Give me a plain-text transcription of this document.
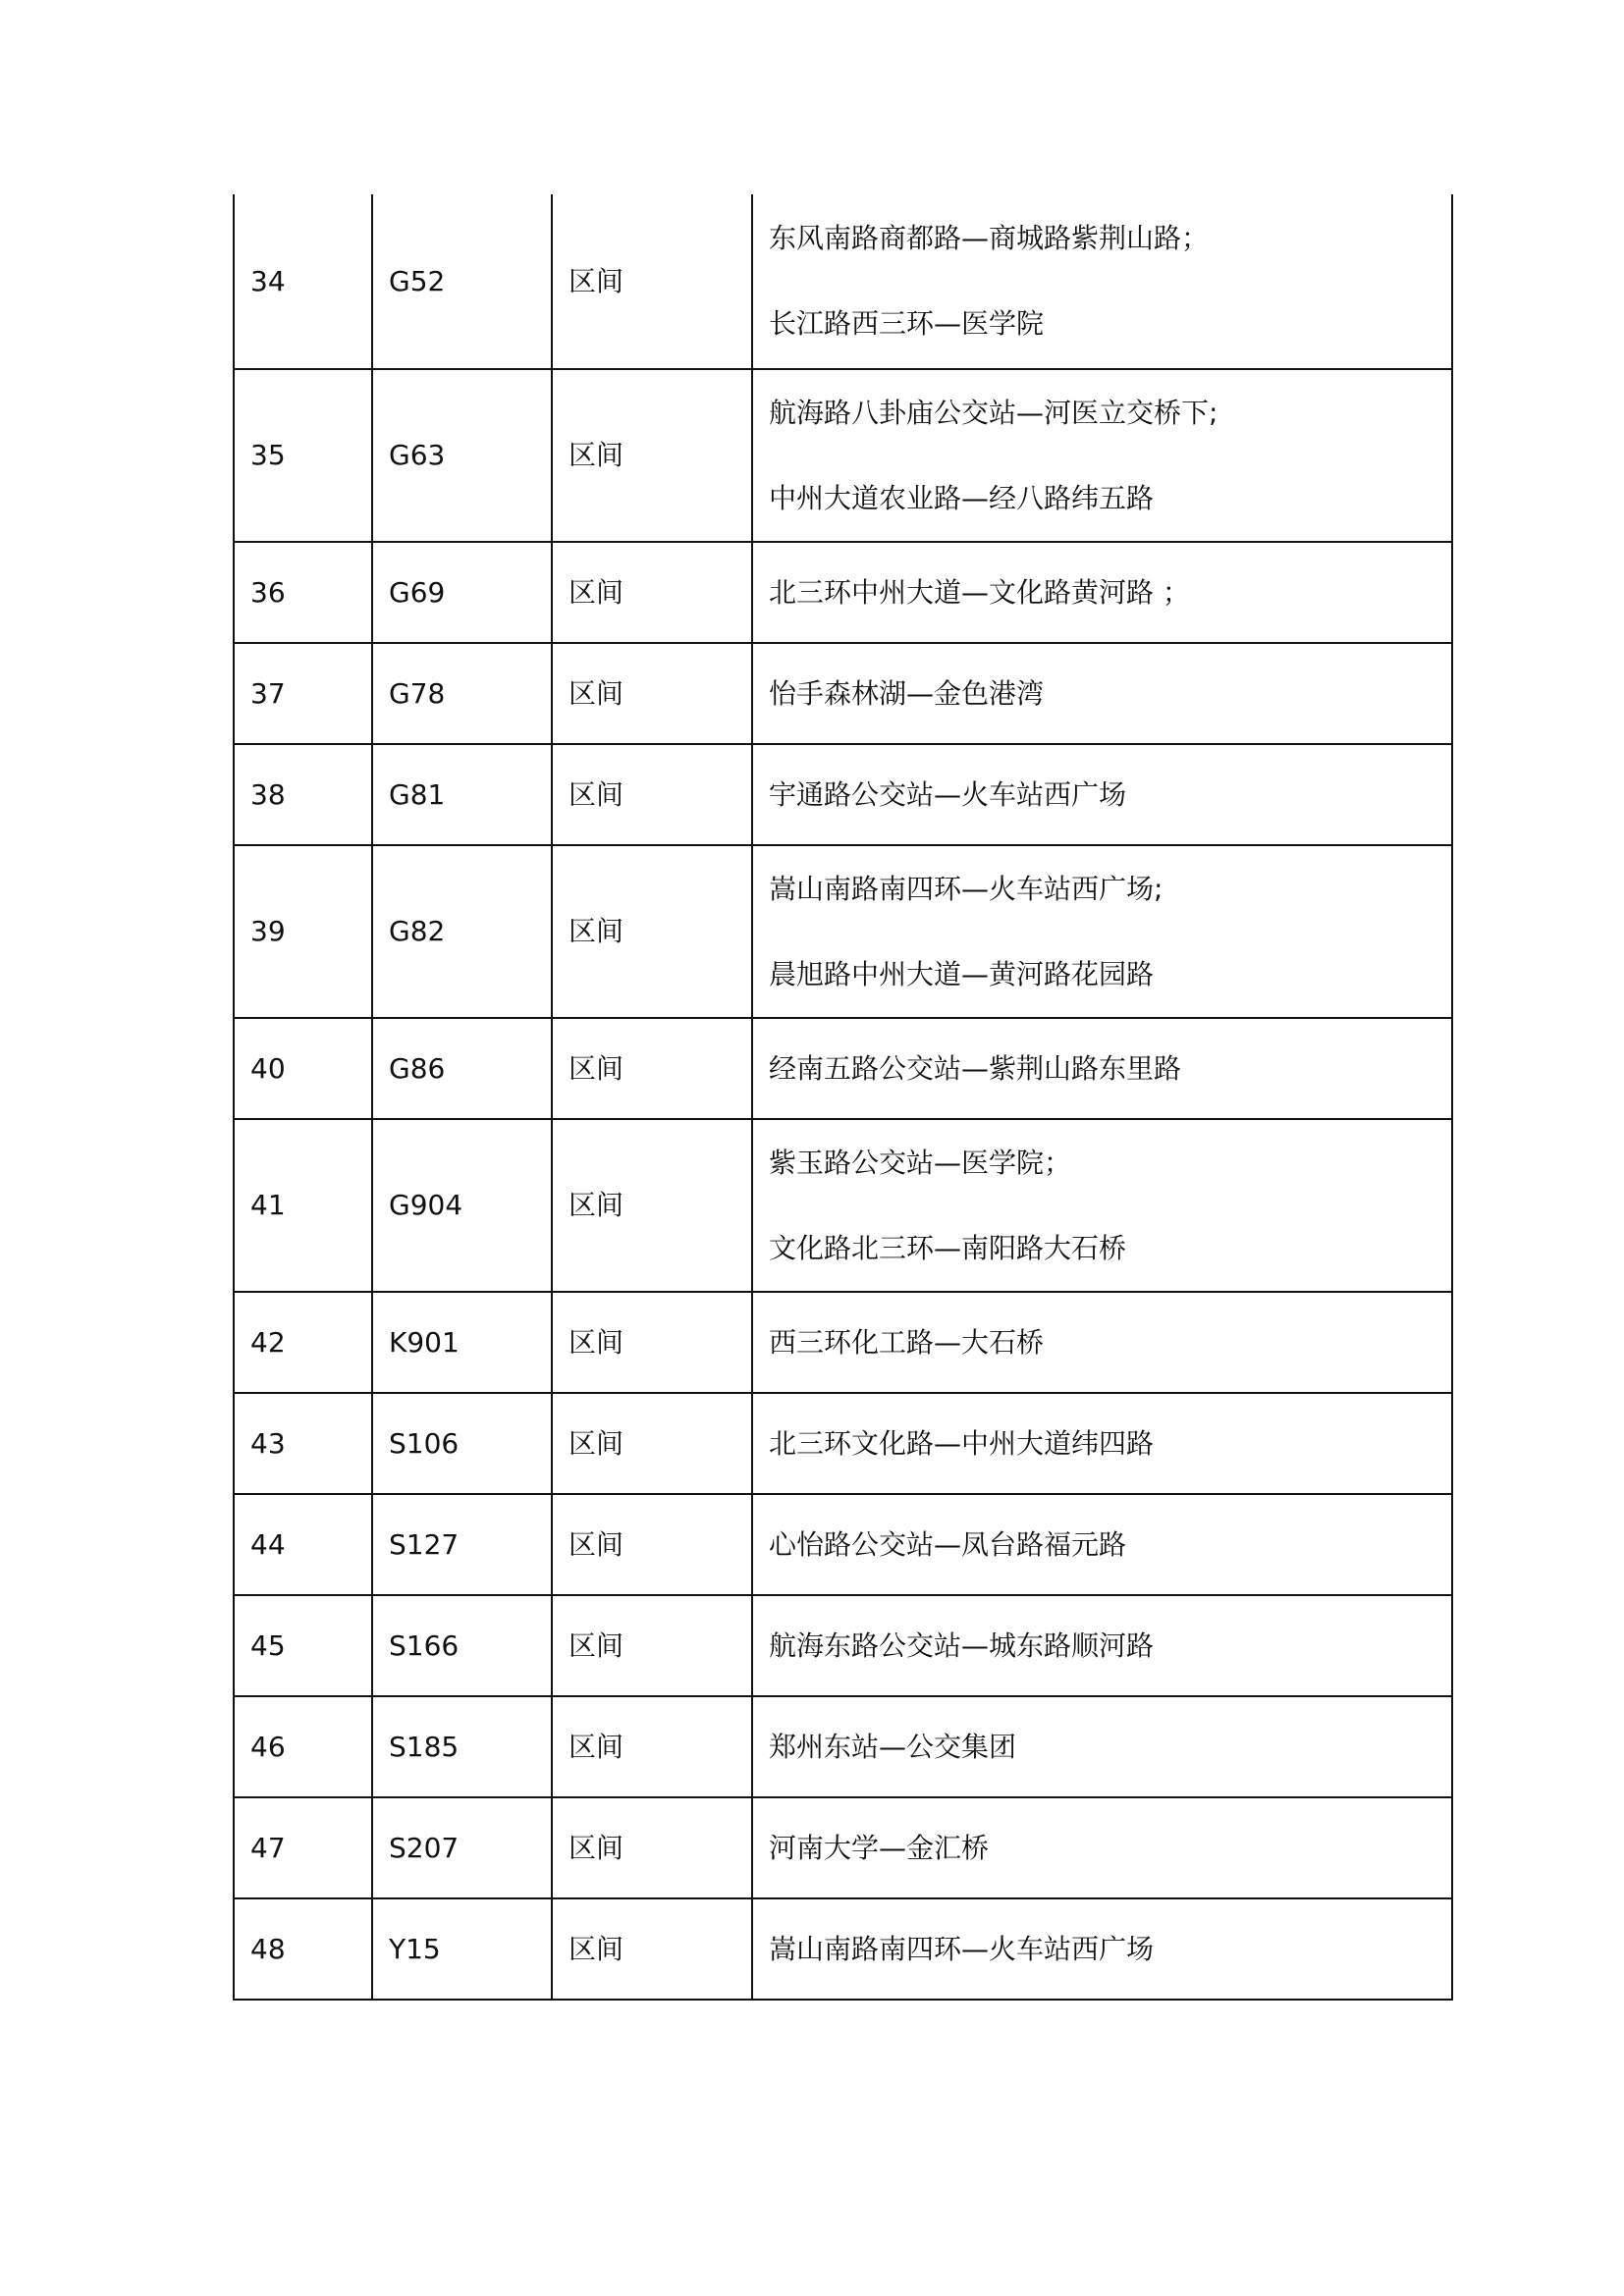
34	G52	区间	东风南路商都路—商城路紫荆山路；
长江路西三环—医学院

35	G63	区间	航海路八卦庙公交站—河医立交桥下;
中州大道农业路—经八路纬五路

36	G69	区间	北三环中州大道—文化路黄河路 ；

37	G78	区间	怡手森林湖—金色港湾

38	G81	区间	宇通路公交站—火车站西广场

39	G82	区间	嵩山南路南四环—火车站西广场;
晨旭路中州大道—黄河路花园路

40	G86	区间	经南五路公交站—紫荆山路东里路

41	G904	区间	紫玉路公交站—医学院；
文化路北三环—南阳路大石桥

42	K901	区间	西三环化工路—大石桥

43	S106	区间	北三环文化路—中州大道纬四路

44	S127	区间	心怡路公交站—凤台路福元路

45	S166	区间	航海东路公交站—城东路顺河路

46	S185	区间	郑州东站—公交集团

47	S207	区间	河南大学—金汇桥

48	Y15	区间	嵩山南路南四环—火车站西广场
